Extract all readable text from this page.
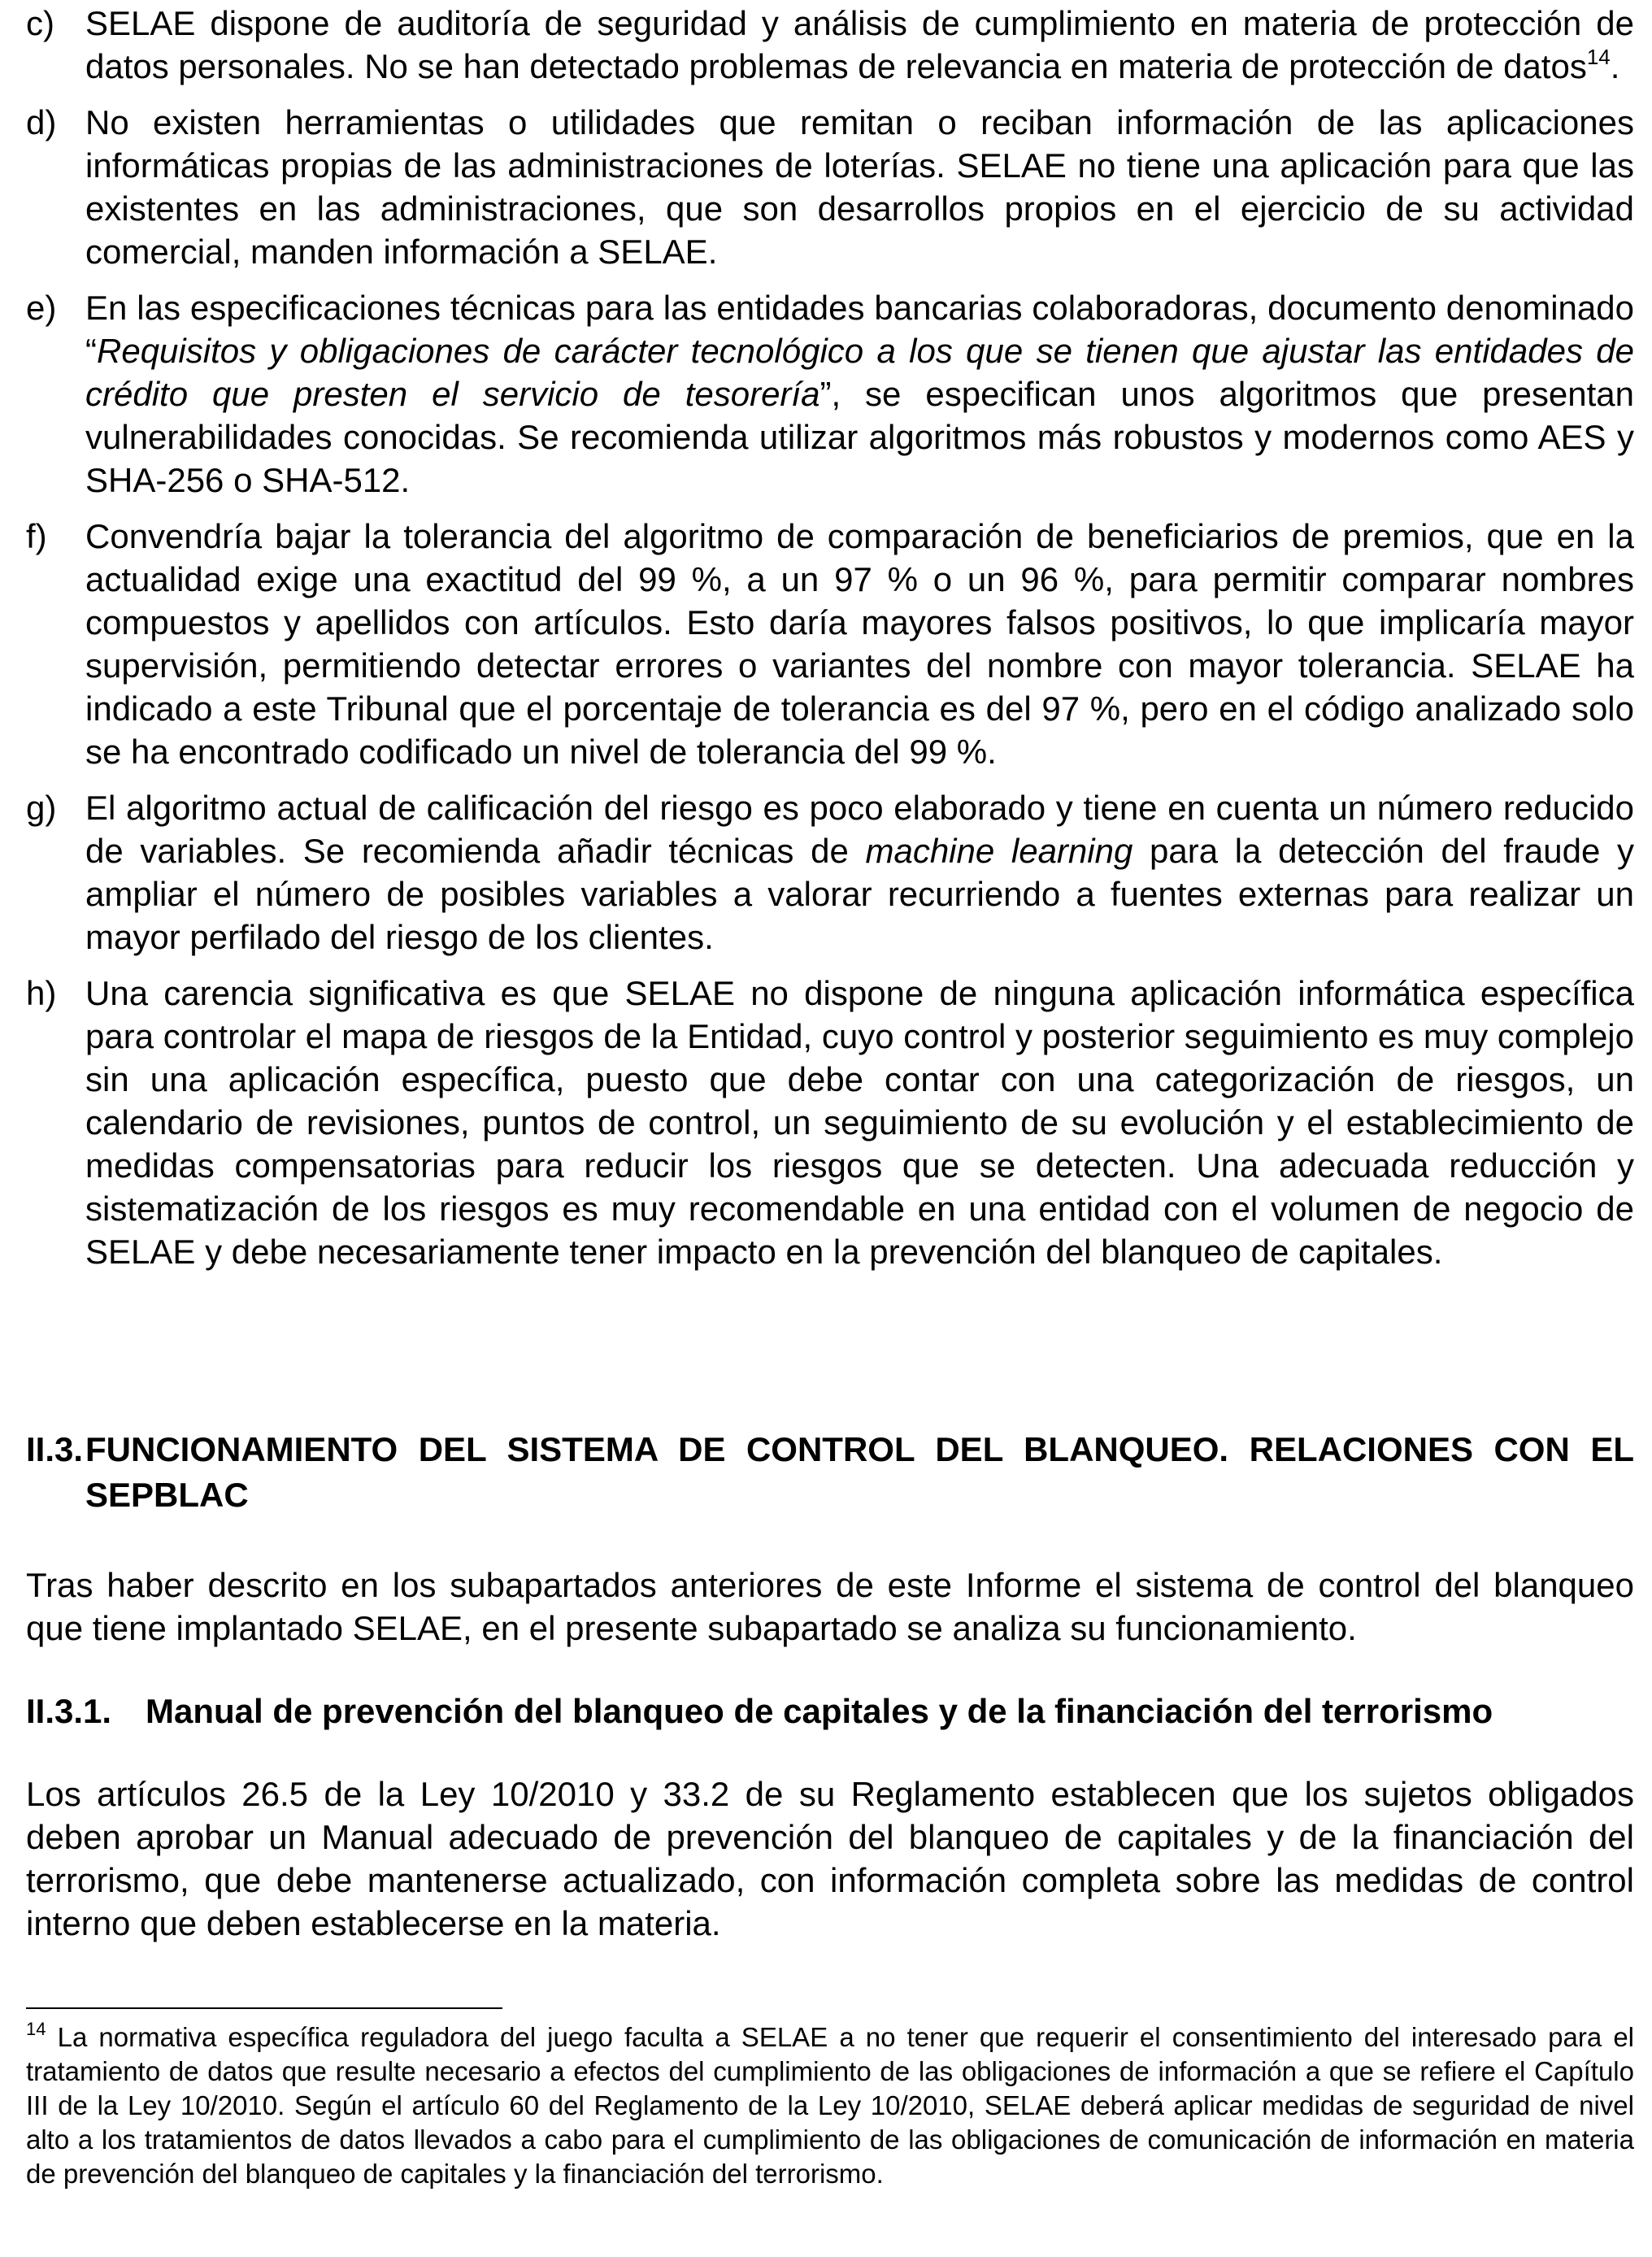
c) SELAE dispone de auditoría de seguridad y análisis de cumplimiento en materia de protección de datos personales. No se han detectado problemas de relevancia en materia de protección de datos$^{14}$.
d) No existen herramientas o utilidades que remitan o reciban información de las aplicaciones informáticas propias de las administraciones de loterías. SELAE no tiene una aplicación para que las existentes en las administraciones, que son desarrollos propios en el ejercicio de su actividad comercial, manden información a SELAE.
e) En las especificaciones técnicas para las entidades bancarias colaboradoras, documento denominado “Requisitos y obligaciones de carácter tecnológico a los que se tienen que ajustar las entidades de crédito que presten el servicio de tesorería”, se especifican unos algoritmos que presentan vulnerabilidades conocidas. Se recomienda utilizar algoritmos más robustos y modernos como AES y SHA-256 o SHA-512.
f)	Convendría bajar la tolerancia del algoritmo de comparación de beneficiarios de premios, que en la actualidad exige una exactitud del 99 %, a un 97 % o un 96 %, para permitir comparar nombres compuestos y apellidos con artículos. Esto daría mayores falsos positivos, lo que implicaría mayor supervisión, permitiendo detectar errores o variantes del nombre con mayor tolerancia. SELAE ha indicado a este Tribunal que el porcentaje de tolerancia es del 97 %, pero en el código analizado solo se ha encontrado codificado un nivel de tolerancia del 99 %.
g) El algoritmo actual de calificación del riesgo es poco elaborado y tiene en cuenta un número reducido de variables. Se recomienda añadir técnicas de machine learning para la detección del fraude y ampliar el número de posibles variables a valorar recurriendo a fuentes externas para realizar un mayor perfilado del riesgo de los clientes.
h) Una carencia significativa es que SELAE no dispone de ninguna aplicación informática específica para controlar el mapa de riesgos de la Entidad, cuyo control y posterior seguimiento es muy complejo sin una aplicación específica, puesto que debe contar con una categorización de riesgos, un calendario de revisiones, puntos de control, un seguimiento de su evolución y el establecimiento de medidas compensatorias para reducir los riesgos que se detecten. Una adecuada reducción y sistematización de los riesgos es muy recomendable en una entidad con el volumen de negocio de SELAE y debe necesariamente tener impacto en la prevención del blanqueo de capitales.
II.3. FUNCIONAMIENTO DEL SISTEMA DE CONTROL DEL BLANQUEO. RELACIONES CON EL SEPBLAC
Tras haber descrito en los subapartados anteriores de este Informe el sistema de control del blanqueo que tiene implantado SELAE, en el presente subapartado se analiza su funcionamiento.
II.3.1. Manual de prevención del blanqueo de capitales y de la financiación del terrorismo
Los artículos 26.5 de la Ley 10/2010 y 33.2 de su Reglamento establecen que los sujetos obligados deben aprobar un Manual adecuado de prevención del blanqueo de capitales y de la financiación del terrorismo, que debe mantenerse actualizado, con información completa sobre las medidas de control interno que deben establecerse en la materia.
$^{14}$ La normativa específica reguladora del juego faculta a SELAE a no tener que requerir el consentimiento del interesado para el tratamiento de datos que resulte necesario a efectos del cumplimiento de las obligaciones de información a que se refiere el Capítulo III de la Ley 10/2010. Según el artículo 60 del Reglamento de la Ley 10/2010, SELAE deberá aplicar medidas de seguridad de nivel alto a los tratamientos de datos llevados a cabo para el cumplimiento de las obligaciones de comunicación de información en materia de prevención del blanqueo de capitales y la financiación del terrorismo.
